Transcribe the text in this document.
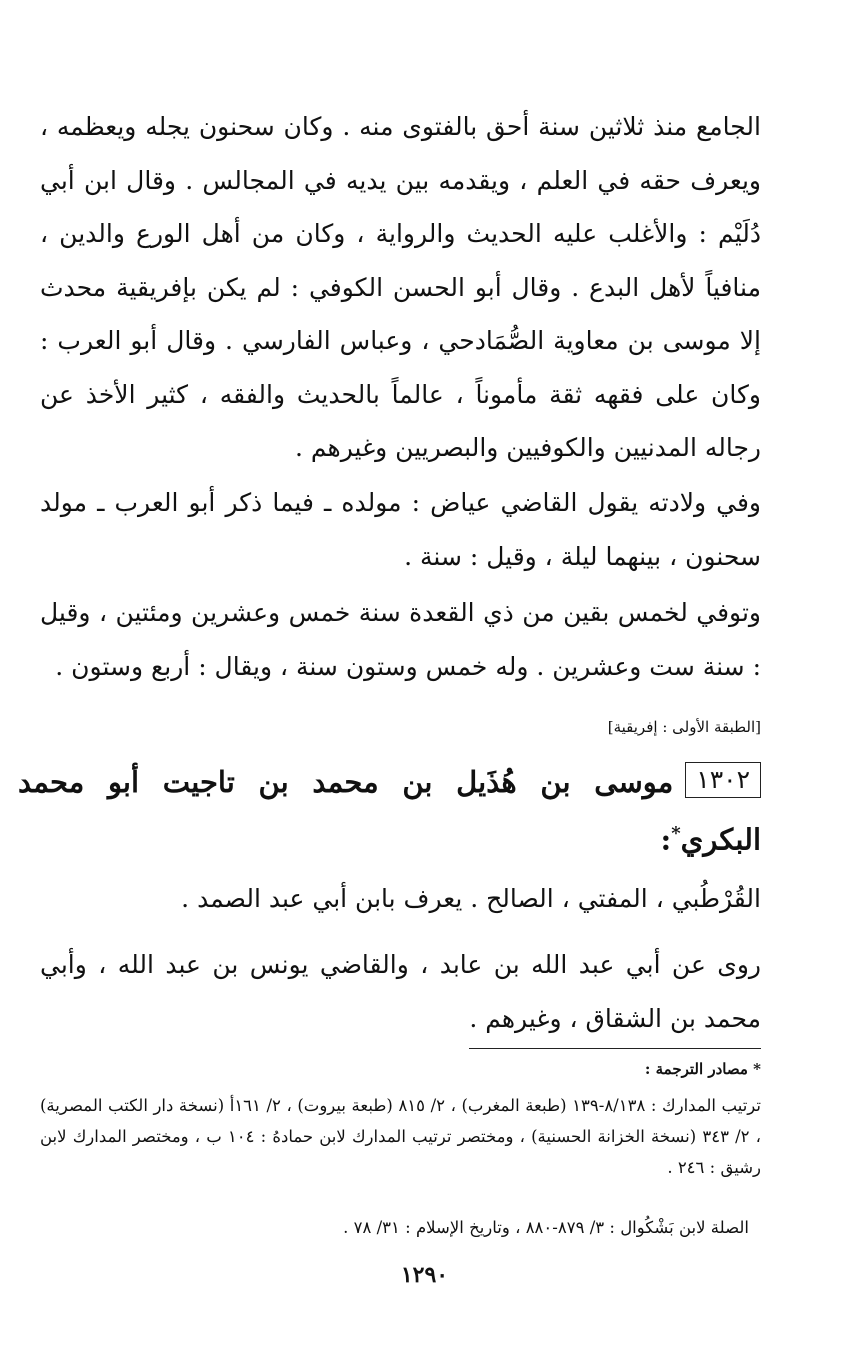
الجامع منذ ثلاثين سنة أحق بالفتوى منه . وكان سحنون يجله ويعظمه ، ويعرف حقه في العلم ، ويقدمه بين يديه في المجالس . وقال ابن أبي دُلَيْم : والأغلب عليه الحديث والرواية ، وكان من أهل الورع والدين ، منافياً لأهل البدع . وقال أبو الحسن الكوفي : لم يكن بإفريقية محدث إلا موسى بن معاوية الصُّمَادحي ، وعباس الفارسي . وقال أبو العرب : وكان على فقهه ثقة مأموناً ، عالماً بالحديث والفقه ، كثير الأخذ عن رجاله المدنيين والكوفيين والبصريين وغيرهم .

وفي ولادته يقول القاضي عياض : مولده ـ فيما ذكر أبو العرب ـ مولد سحنون ، بينهما ليلة ، وقيل : سنة .

وتوفي لخمس بقين من ذي القعدة سنة خمس وعشرين ومئتين ، وقيل : سنة ست وعشرين . وله خمس وستون سنة ، ويقال : أربع وستون .

[الطبقة الأولى : إفريقية]
١٣٠٢موسى بن هُذَيل بن محمد بن تاجيت أبو محمد البكري*:

القُرْطُبي ، المفتي ، الصالح . يعرف بابن أبي عبد الصمد .

روى عن أبي عبد الله بن عابد ، والقاضي يونس بن عبد الله ، وأبي محمد بن الشقاق ، وغيرهم .

* مصادر الترجمة :

ترتيب المدارك : ٨/١٣٨-١٣٩ (طبعة المغرب) ، ٢/ ٨١٥ (طبعة بيروت) ، ٢/ ١٦١أ (نسخة دار الكتب المصرية) ، ٢/ ٣٤٣ (نسخة الخزانة الحسنية) ، ومختصر ترتيب المدارك لابن حمادهُ : ١٠٤ ب ، ومختصر المدارك لابن رشيق : ٢٤٦ .

الصلة لابن بَشْكُوال : ٣/ ٨٧٩-٨٨٠ ، وتاريخ الإسلام : ٣١/ ٧٨ .

١٢٩٠
